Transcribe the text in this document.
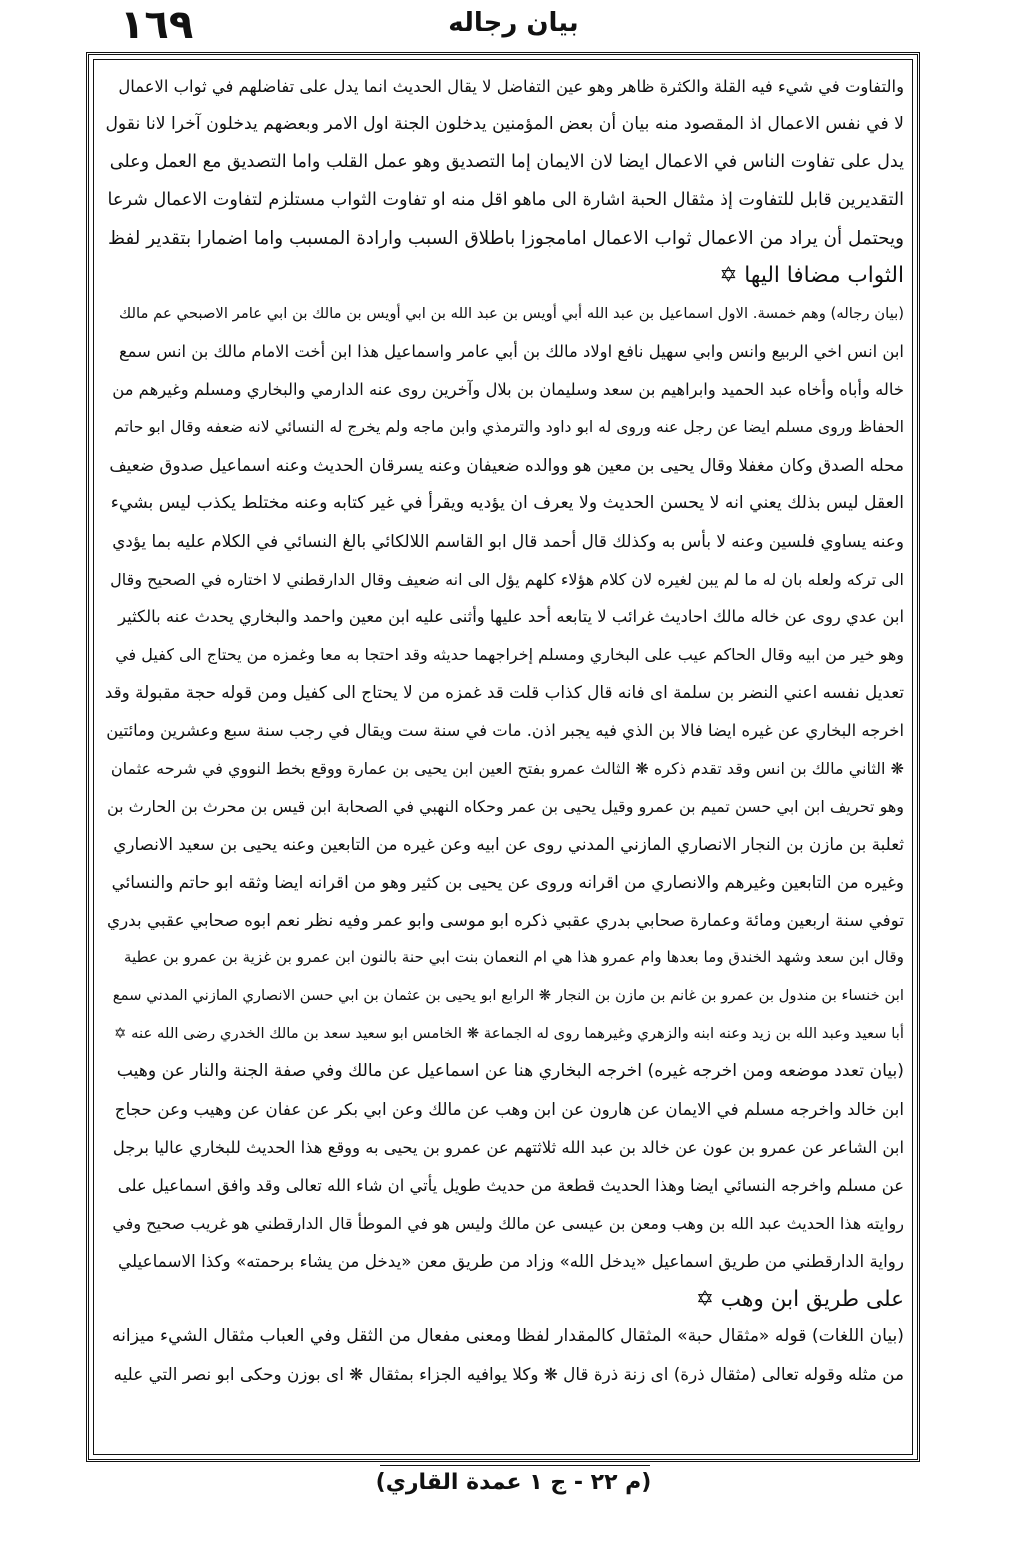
١٦٩	بيان رجاله
والتفاوت في شيء فيه القلة والكثرة ظاهر وهو عين التفاضل لا يقال الحديث انما يدل على تفاضلهم في ثواب الاعمال
لا في نفس الاعمال اذ المقصود منه بيان أن بعض المؤمنين يدخلون الجنة اول الامر وبعضهم يدخلون آخرا لانا نقول
يدل على تفاوت الناس في الاعمال ايضا لان الايمان إما التصديق وهو عمل القلب واما التصديق مع العمل وعلى
التقديرين قابل للتفاوت إذ مثقال الحبة اشارة الى ماهو اقل منه او تفاوت الثواب مستلزم لتفاوت الاعمال شرعا
ويحتمل أن يراد من الاعمال ثواب الاعمال امامجوزا باطلاق السبب وارادة المسبب واما اضمارا بتقدير لفظ
الثواب مضافا اليها ✡
(بيان رجاله) وهم خمسة. الاول اسماعيل بن عبد الله أبي أويس بن عبد الله بن ابي أويس بن مالك بن ابي عامر الاصبحي عم مالك
ابن انس اخي الربيع وانس وابي سهيل نافع اولاد مالك بن أبي عامر واسماعيل هذا ابن أخت الامام مالك بن انس سمع
خاله وأباه وأخاه عبد الحميد وابراهيم بن سعد وسليمان بن بلال وآخرين روى عنه الدارمي والبخاري ومسلم وغيرهم من
الحفاظ وروى مسلم ايضا عن رجل عنه وروى له ابو داود والترمذي وابن ماجه ولم يخرج له النسائي لانه ضعفه وقال ابو حاتم
محله الصدق وكان مغفلا وقال يحيى بن معين هو ووالده ضعيفان وعنه يسرقان الحديث وعنه اسماعيل صدوق ضعيف
العقل ليس بذلك يعني انه لا يحسن الحديث ولا يعرف ان يؤديه ويقرأ في غير كتابه وعنه مختلط يكذب ليس بشيء
وعنه يساوي فلسين وعنه لا بأس به وكذلك قال أحمد قال ابو القاسم اللالكائي بالغ النسائي في الكلام عليه بما يؤدي
الى تركه ولعله بان له ما لم يبن لغيره لان كلام هؤلاء كلهم يؤل الى انه ضعيف وقال الدارقطني لا اختاره في الصحيح وقال
ابن عدي روى عن خاله مالك احاديث غرائب لا يتابعه أحد عليها وأثنى عليه ابن معين واحمد والبخاري يحدث عنه بالكثير
وهو خير من ابيه وقال الحاكم عيب على البخاري ومسلم إخراجهما حديثه وقد احتجا به معا وغمزه من يحتاج الى كفيل في
تعديل نفسه اعني النضر بن سلمة اى فانه قال كذاب قلت قد غمزه من لا يحتاج الى كفيل ومن قوله حجة مقبولة وقد
اخرجه البخاري عن غيره ايضا فالا بن الذي فيه يجبر اذن. مات في سنة ست ويقال في رجب سنة سبع وعشرين ومائتين
❋ الثاني مالك بن انس وقد تقدم ذكره ❋ الثالث عمرو بفتح العين ابن يحيى بن عمارة ووقع بخط النووي في شرحه عثمان
وهو تحريف ابن ابي حسن تميم بن عمرو وقيل يحيى بن عمر وحكاه النهبي في الصحابة ابن قيس بن محرث بن الحارث بن
ثعلبة بن مازن بن النجار الانصاري المازني المدني روى عن ابيه وعن غيره من التابعين وعنه يحيى بن سعيد الانصاري
وغيره من التابعين وغيرهم والانصاري من اقرانه وروى عن يحيى بن كثير وهو من اقرانه ايضا وثقه ابو حاتم والنسائي
توفي سنة اربعين ومائة وعمارة صحابي بدري عقبي ذكره ابو موسى وابو عمر وفيه نظر نعم ابوه صحابي عقبي بدري
وقال ابن سعد وشهد الخندق وما بعدها وام عمرو هذا هي ام النعمان بنت ابي حنة بالنون ابن عمرو بن غزية بن عمرو بن عطية
ابن خنساء بن مندول بن عمرو بن غانم بن مازن بن النجار ❋ الرابع ابو يحيى بن عثمان بن ابي حسن الانصاري المازني المدني سمع
أبا سعيد وعبد الله بن زيد وعنه ابنه والزهري وغيرهما روى له الجماعة ❋ الخامس ابو سعيد سعد بن مالك الخدري رضى الله عنه ✡
(بيان تعدد موضعه ومن اخرجه غيره) اخرجه البخاري هنا عن اسماعيل عن مالك وفي صفة الجنة والنار عن وهيب
ابن خالد واخرجه مسلم في الايمان عن هارون عن ابن وهب عن مالك وعن ابي بكر عن عفان عن وهيب وعن حجاج
ابن الشاعر عن عمرو بن عون عن خالد بن عبد الله ثلاثتهم عن عمرو بن يحيى به ووقع هذا الحديث للبخاري عاليا برجل
عن مسلم واخرجه النسائي ايضا وهذا الحديث قطعة من حديث طويل يأتي ان شاء الله تعالى وقد وافق اسماعيل على
روايته هذا الحديث عبد الله بن وهب ومعن بن عيسى عن مالك وليس هو في الموطأ قال الدارقطني هو غريب صحيح وفي
رواية الدارقطني من طريق اسماعيل «يدخل الله» وزاد من طريق معن «يدخل من يشاء برحمته» وكذا الاسماعيلي
على طريق ابن وهب ✡
(بيان اللغات) قوله «مثقال حبة» المثقال كالمقدار لفظا ومعنى مفعال من الثقل وفي العباب مثقال الشيء ميزانه
من مثله وقوله تعالى (مثقال ذرة) اى زنة ذرة قال ❋ وكلا يوافيه الجزاء بمثقال ❋ اى بوزن وحكى ابو نصر التي عليه
(م ٢٢ - ج ١ عمدة القاري)
